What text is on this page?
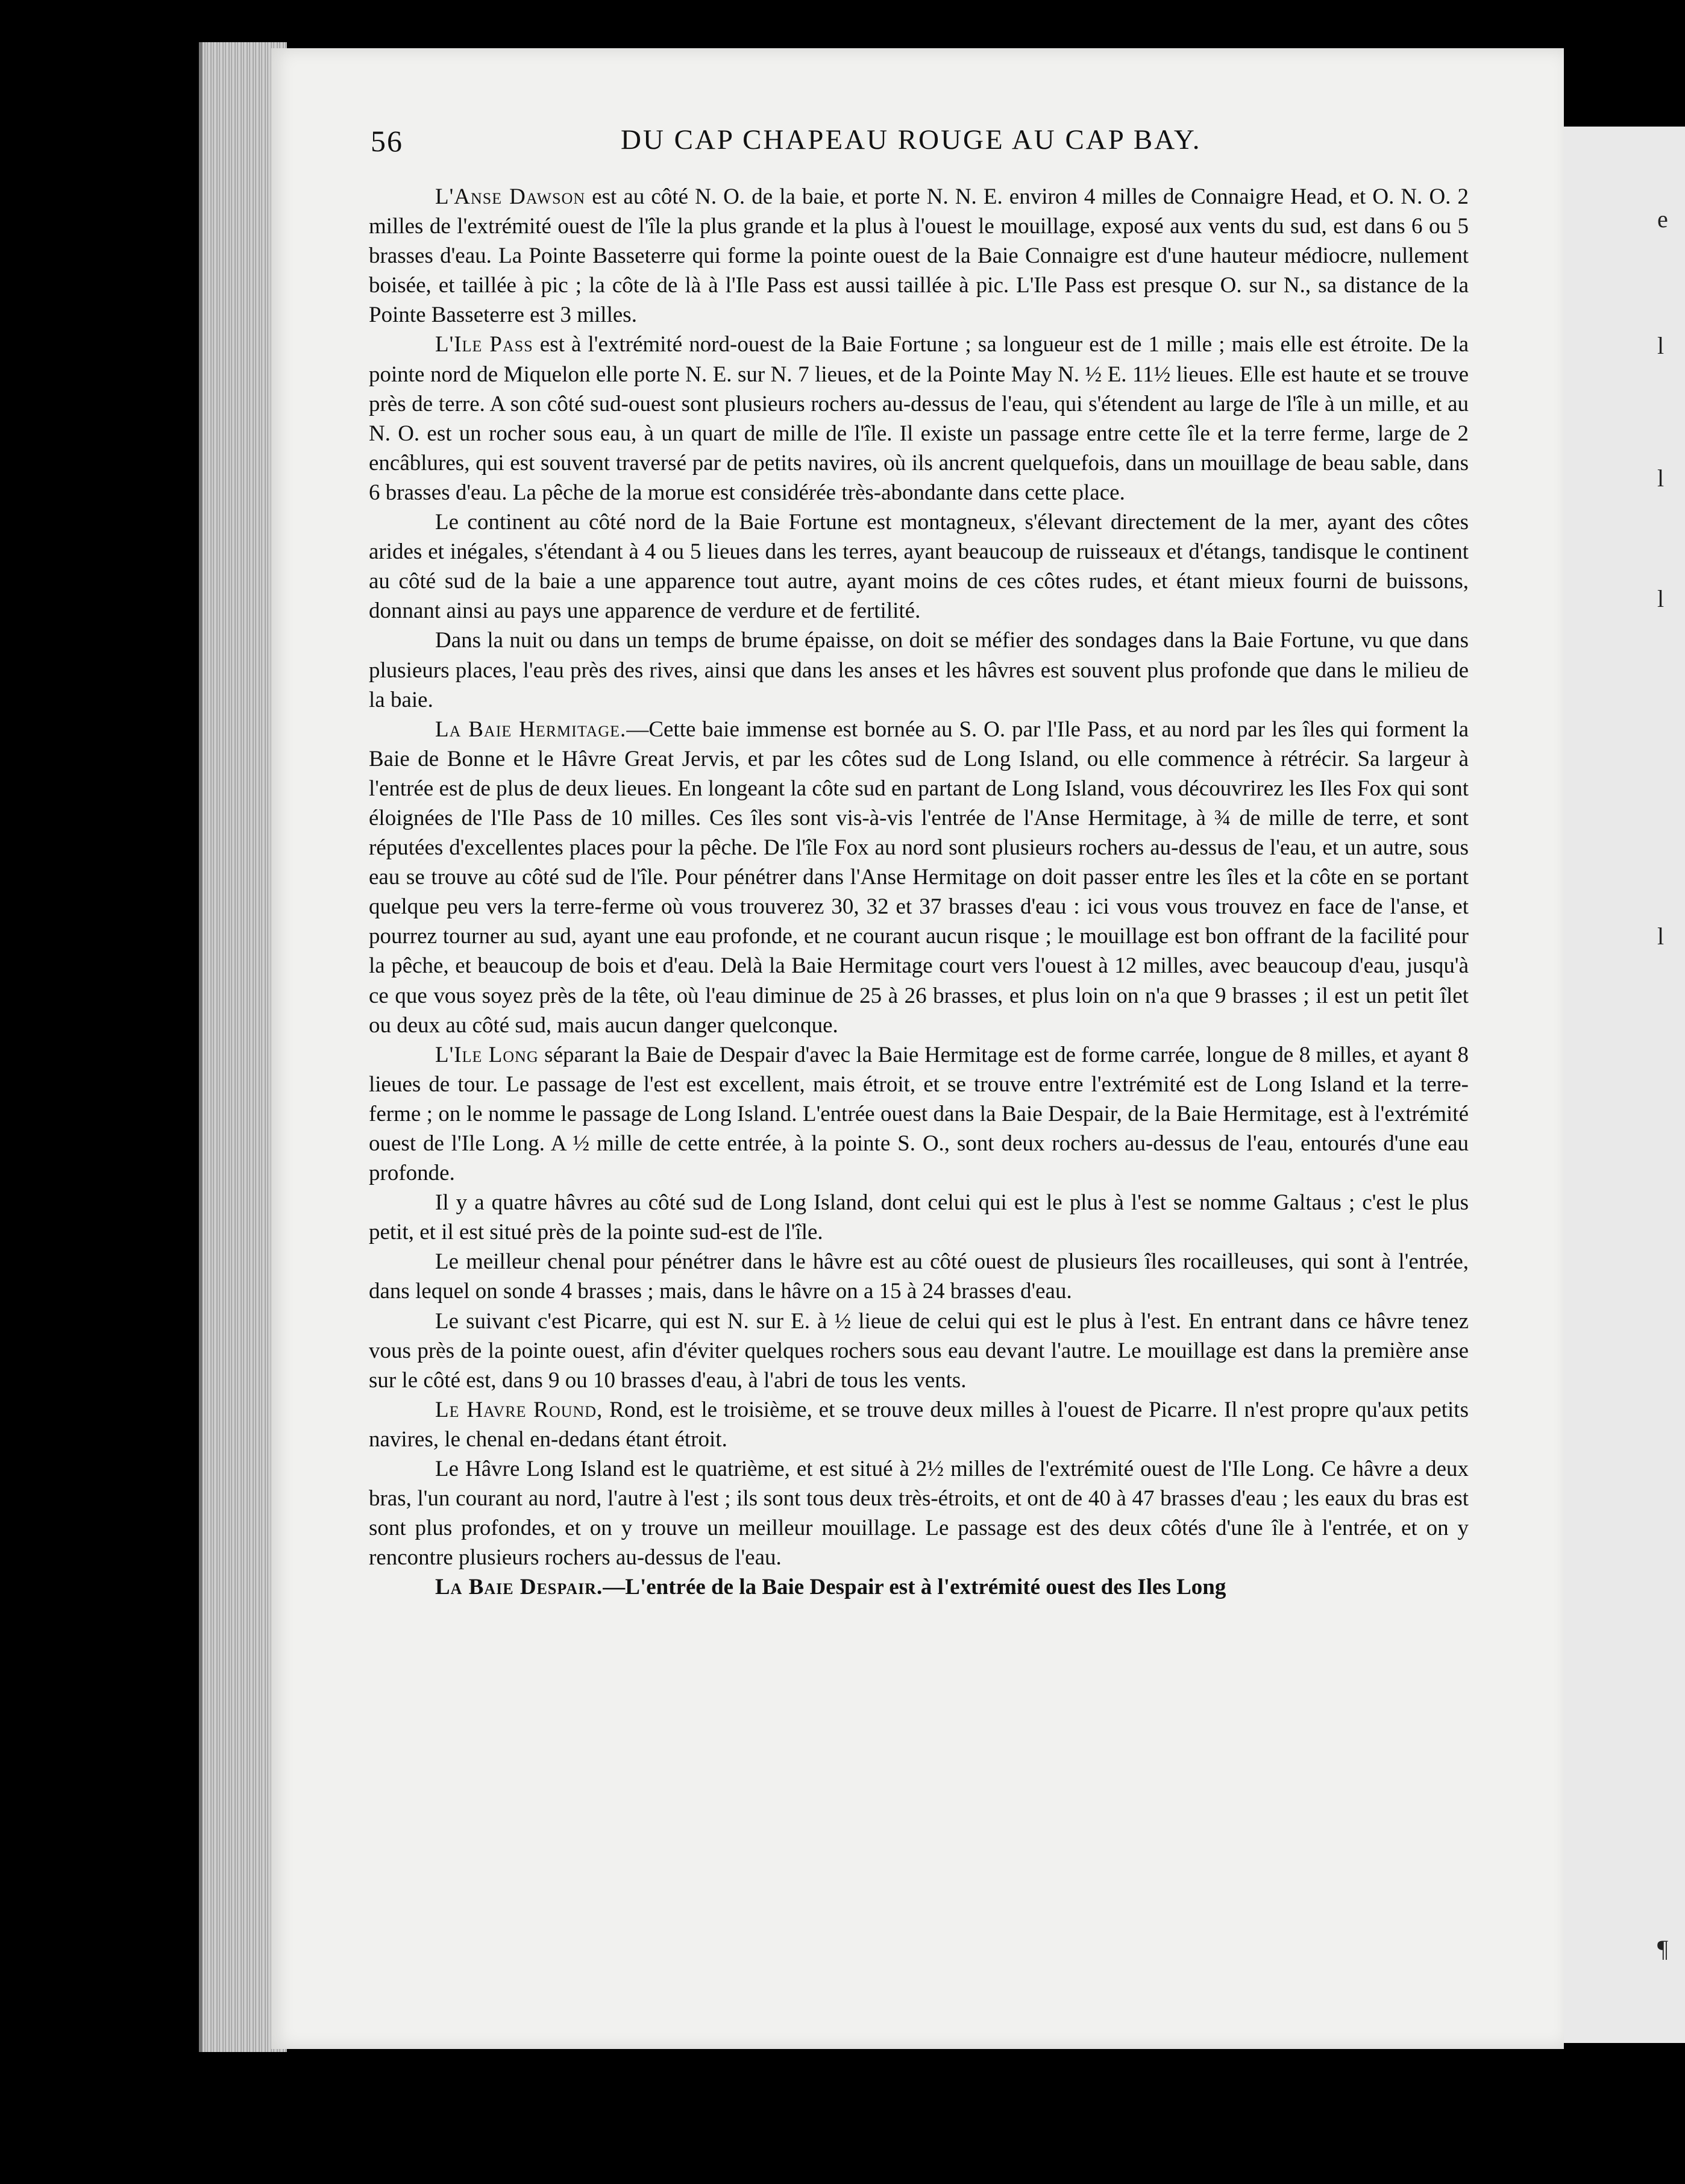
e
l
l
l
l
¶
56	DU CAP CHAPEAU ROUGE AU CAP BAY.

L'Anse Dawson est au côté N. O. de la baie, et porte N. N. E. environ 4 milles de Connaigre Head, et O. N. O. 2 milles de l'extrémité ouest de l'île la plus grande et la plus à l'ouest le mouillage, exposé aux vents du sud, est dans 6 ou 5 brasses d'eau. La Pointe Basseterre qui forme la pointe ouest de la Baie Connaigre est d'une hauteur médiocre, nullement boisée, et taillée à pic ; la côte de là à l'Ile Pass est aussi taillée à pic. L'Ile Pass est presque O. sur N., sa distance de la Pointe Basseterre est 3 milles.

L'Ile Pass est à l'extrémité nord-ouest de la Baie Fortune ; sa longueur est de 1 mille ; mais elle est étroite. De la pointe nord de Miquelon elle porte N. E. sur N. 7 lieues, et de la Pointe May N. ½ E. 11½ lieues. Elle est haute et se trouve près de terre. A son côté sud-ouest sont plusieurs rochers au-dessus de l'eau, qui s'étendent au large de l'île à un mille, et au N. O. est un rocher sous eau, à un quart de mille de l'île. Il existe un passage entre cette île et la terre ferme, large de 2 encâblures, qui est souvent traversé par de petits navires, où ils ancrent quelquefois, dans un mouillage de beau sable, dans 6 brasses d'eau. La pêche de la morue est considérée très-abondante dans cette place.

Le continent au côté nord de la Baie Fortune est montagneux, s'élevant directement de la mer, ayant des côtes arides et inégales, s'étendant à 4 ou 5 lieues dans les terres, ayant beaucoup de ruisseaux et d'étangs, tandisque le continent au côté sud de la baie a une apparence tout autre, ayant moins de ces côtes rudes, et étant mieux fourni de buissons, donnant ainsi au pays une apparence de verdure et de fertilité.

Dans la nuit ou dans un temps de brume épaisse, on doit se méfier des sondages dans la Baie Fortune, vu que dans plusieurs places, l'eau près des rives, ainsi que dans les anses et les hâvres est souvent plus profonde que dans le milieu de la baie.

La Baie Hermitage.—Cette baie immense est bornée au S. O. par l'Ile Pass, et au nord par les îles qui forment la Baie de Bonne et le Hâvre Great Jervis, et par les côtes sud de Long Island, ou elle commence à rétrécir. Sa largeur à l'entrée est de plus de deux lieues. En longeant la côte sud en partant de Long Island, vous découvrirez les Iles Fox qui sont éloignées de l'Ile Pass de 10 milles. Ces îles sont vis-à-vis l'entrée de l'Anse Hermitage, à ¾ de mille de terre, et sont réputées d'excellentes places pour la pêche. De l'île Fox au nord sont plusieurs rochers au-dessus de l'eau, et un autre, sous eau se trouve au côté sud de l'île. Pour pénétrer dans l'Anse Hermitage on doit passer entre les îles et la côte en se portant quelque peu vers la terre-ferme où vous trouverez 30, 32 et 37 brasses d'eau : ici vous vous trouvez en face de l'anse, et pourrez tourner au sud, ayant une eau profonde, et ne courant aucun risque ; le mouillage est bon offrant de la facilité pour la pêche, et beaucoup de bois et d'eau. Delà la Baie Hermitage court vers l'ouest à 12 milles, avec beaucoup d'eau, jusqu'à ce que vous soyez près de la tête, où l'eau diminue de 25 à 26 brasses, et plus loin on n'a que 9 brasses ; il est un petit îlet ou deux au côté sud, mais aucun danger quelconque.

L'Ile Long séparant la Baie de Despair d'avec la Baie Hermitage est de forme carrée, longue de 8 milles, et ayant 8 lieues de tour. Le passage de l'est est excellent, mais étroit, et se trouve entre l'extrémité est de Long Island et la terre-ferme ; on le nomme le passage de Long Island. L'entrée ouest dans la Baie Despair, de la Baie Hermitage, est à l'extrémité ouest de l'Ile Long. A ½ mille de cette entrée, à la pointe S. O., sont deux rochers au-dessus de l'eau, entourés d'une eau profonde.

Il y a quatre hâvres au côté sud de Long Island, dont celui qui est le plus à l'est se nomme Galtaus ; c'est le plus petit, et il est situé près de la pointe sud-est de l'île.

Le meilleur chenal pour pénétrer dans le hâvre est au côté ouest de plusieurs îles rocailleuses, qui sont à l'entrée, dans lequel on sonde 4 brasses ; mais, dans le hâvre on a 15 à 24 brasses d'eau.

Le suivant c'est Picarre, qui est N. sur E. à ½ lieue de celui qui est le plus à l'est. En entrant dans ce hâvre tenez vous près de la pointe ouest, afin d'éviter quelques rochers sous eau devant l'autre. Le mouillage est dans la première anse sur le côté est, dans 9 ou 10 brasses d'eau, à l'abri de tous les vents.

Le Havre Round, Rond, est le troisième, et se trouve deux milles à l'ouest de Picarre. Il n'est propre qu'aux petits navires, le chenal en-dedans étant étroit.

Le Hâvre Long Island est le quatrième, et est situé à 2½ milles de l'extrémité ouest de l'Ile Long. Ce hâvre a deux bras, l'un courant au nord, l'autre à l'est ; ils sont tous deux très-étroits, et ont de 40 à 47 brasses d'eau ; les eaux du bras est sont plus profondes, et on y trouve un meilleur mouillage. Le passage est des deux côtés d'une île à l'entrée, et on y rencontre plusieurs rochers au-dessus de l'eau.

La Baie Despair.—L'entrée de la Baie Despair est à l'extrémité ouest des Iles Long
